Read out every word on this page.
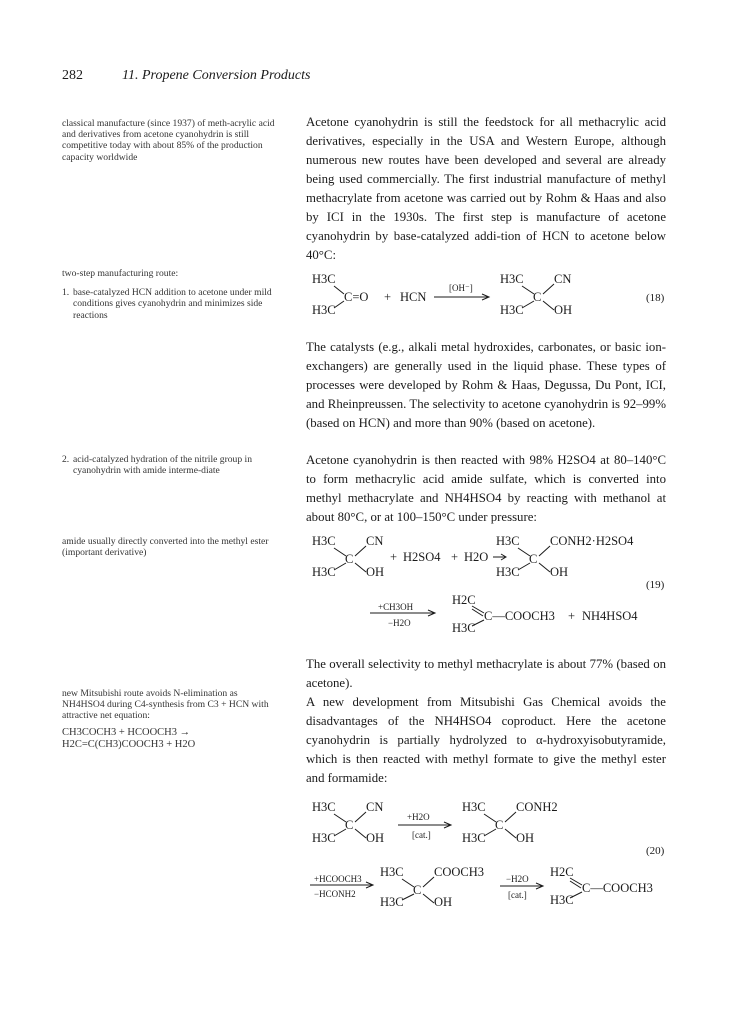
282	11. Propene Conversion Products

classical manufacture (since 1937) of meth-acrylic acid and derivatives from acetone cyanohydrin is still competitive today with about 85% of the production capacity worldwide

two-step manufacturing route:

1. base-catalyzed HCN addition to acetone under mild conditions gives cyanohydrin and minimizes side reactions
2. acid-catalyzed hydration of the nitrile group in cyanohydrin with amide interme-diate

amide usually directly converted into the methyl ester (important derivative)

new Mitsubishi route avoids N-elimination as NH4HSO4 during C4-synthesis from C3 + HCN with attractive net equation:

CH3COCH3 + HCOOCH3 →

H2C=C(CH3)COOCH3 + H2O

Acetone cyanohydrin is still the feedstock for all methacrylic acid derivatives, especially in the USA and Western Europe, although numerous new routes have been developed and several are already being used commercially. The first industrial manufacture of methyl methacrylate from acetone was carried out by Rohm & Haas and also by ICI in the 1930s. The first step is manufacture of acetone cyanohydrin by base-catalyzed addi-tion of HCN to acetone below 40°C:

H3C
H3C
C=O + HCN
[OH⁻]
H3C
H3C
C
CN
OH
(18)

The catalysts (e.g., alkali metal hydroxides, carbonates, or basic ion-exchangers) are generally used in the liquid phase. These types of processes were developed by Rohm & Haas, Degussa, Du Pont, ICI, and Rheinpreussen. The selectivity to acetone cyanohydrin is 92–99% (based on HCN) and more than 90% (based on acetone).

Acetone cyanohydrin is then reacted with 98% H2SO4 at 80–140°C to form methacrylic acid amide sulfate, which is converted into methyl methacrylate and NH4HSO4 by reacting with methanol at about 80°C, or at 100–150°C under pressure:

H3C
H3C
C
CN
OH
+ H2SO4 + H2O
H3C
H3C
C
CONH2·H2SO4
OH
(19)
+CH3OH
−H2O
H2C
H3C
C—COOCH3 + NH4HSO4

The overall selectivity to methyl methacrylate is about 77% (based on acetone).

A new development from Mitsubishi Gas Chemical avoids the disadvantages of the NH4HSO4 coproduct. Here the acetone cyanohydrin is partially hydrolyzed to α-hydroxyisobutyramide, which is then reacted with methyl formate to give the methyl ester and formamide:

H3C
H3C
C
CN
OH
+H2O
[cat.]
H3C
H3C
C
CONH2
OH
(20)
+HCOOCH3
−HCONH2
H3C
H3C
C
COOCH3
OH
−H2O
[cat.]
H2C
H3C
C—COOCH3
